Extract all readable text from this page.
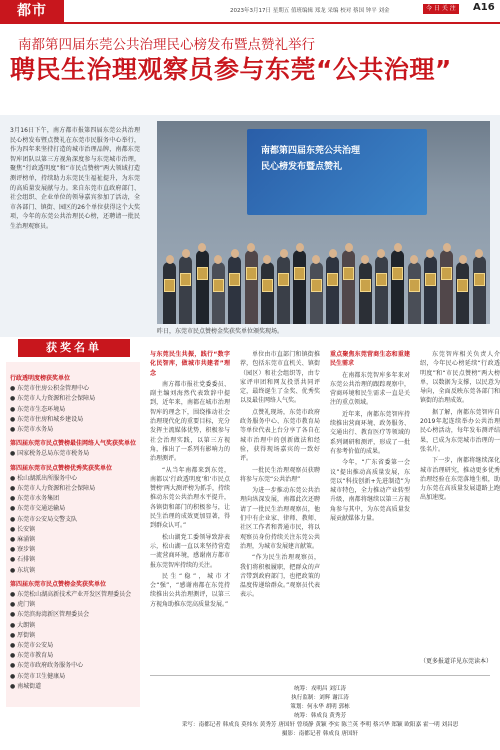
都市	2023年3月17日 星期五 值班编辑 郑龙 采编 校对 蔡国 钟平 刘金	今 日 关 注	A16
南都第四届东莞公共治理民心榜发布暨点赞礼举行
聘民生治理观察员参与东莞“公共治理”
3月16日下午，南方都市报第四届东莞公共治理民心榜发布暨点赞礼在东莞市民服务中心举行，作为四年来坚持打造的城市治理品牌，南都东莞智库团队以第三方视角深度参与东莞城市治理，聚焦“行政透明度”和“市民点赞榜”两大领域打造测评榜单，持续助力东莞民生福祉提升，为东莞的高质量发展献与力。来自东莞市直政府部门、社会组织、企业单位的领导嘉宾参加了活动，全市各部门、镇街、园区的26个单位获得这个大奖项，今年的东莞公共治理民心榜，还聘请一批民生治理观察员。
南都第四届东莞公共治理
民心榜发布暨点赞礼
昨日，东莞市民点赞榜金奖获奖单位颁奖现场。
获奖名单
行政透明度榜获奖单位
● 东莞市住房公积金管理中心
● 东莞市人力资源和社会保障局
● 东莞市生态环境局
● 东莞市住房和城乡建设局
● 东莞市水务局
第四届东莞市民点赞榜最佳网络人气奖获奖单位
● 国家税务总局东莞市税务局
第四届东莞市民点赞榜优秀奖获奖单位
● 松山湖派出所服务中心
● 东莞市人力资源和社会保障局
● 东莞市水务集团
● 东莞市交通运输局
● 东莞市公安局交警支队
● 长安镇
● 麻涌镇
● 寮步镇
● 石排镇
● 东坑镇
第四届东莞市民点赞榜金奖获奖单位
● 东莞松山湖高新技术产业开发区管理委员会
● 虎门镇
● 东莞滨海湾新区管理委员会
● 大朗镇
● 厚街镇
● 东莞市公安局
● 东莞市教育局
● 东莞市政府政务服务中心
● 东莞市卫生健康局
● 南城街道
与东莞民生共振，践行“数字化民智库，做城市共建者”理念

南方都市报社党委委员、副主编刘海然代表致辞中提到，近年来，南都在城市治理智库的理念下，围绕推动社会治理现代化的重要目标，充分发挥主流媒体优势，积极参与社会治理实践，以第三方视角，推出了一系列有影响力的治理测评。

“从当年南都来到东莞，南都以‘行政透明度’和‘市民点赞榜’两大测评榜为抓手，持续推动东莞公共治理水平提升，各镇街和部门的积极参与，让民生治理的成效更加显著，得到群众认可。”

松山湖党工委领导致辞表示，松山湖一直以来坚持营造一流营商环境，感谢南方都市报东莞智库持续的关注。

民生“稳”，城市才会“强”，“感谢南都在东莞持续推出公共治理测评，以第三方视角助推东莞高质量发展。”

单位由市直部门和镇街推荐，包括东莞市直机关、镇街（园区）和社会组织等，由专家评审团和网友投票共同评定，最终诞生了金奖、优秀奖以及最佳网络人气奖。

点赞礼现场，东莞市政府政务服务中心、东莞市教育局等单位代表上台分享了各自在城市治理中的创新做法和经验，获得现场嘉宾的一致好评。

一批民生治理观察员获聘将参与东莞“公共治理”

为进一步推动东莞公共治理向纵深发展，南都此次还聘请了一批民生治理观察员，他们中有企业家、律师、教师、社区工作者和普通市民，将以观察员身份持续关注东莞公共治理，为城市发展建言献策。

“作为民生治理观察员，我们将积极履职，把群众的声音带到政府部门，也把政策的温度传递给群众。”观察员代表表示。

重点聚焦东莞营商生态和重建民生需求

在南都东莞智库多年来对东莞公共治理的跟踪观察中，营商环境和民生需求一直是关注的重点领域。

近年来，南都东莞智库持续推出营商环境、政务服务、交通出行、教育医疗等领域的系列调研和测评，形成了一批有参考价值的成果。

今年，“广东省委第一会议”提出推动高质量发展，东莞以“科技创新+先进制造”为城市特色，全力推动产业转型升级，南都将继续以第三方视角参与其中，为东莞高质量发展贡献媒体力量。

东莞智库相关负责人介绍，今年民心榜延续“行政透明度”和“市民点赞榜”两大榜单，以数据为支撑，以民意为导向，全面反映东莞各部门和镇街的治理成效。

据了解，南都东莞智库自2019年起连续举办公共治理民心榜活动，每年发布测评结果，已成为东莞城市治理的一张名片。

下一步，南都将继续深化城市治理研究，推动更多优秀治理经验在东莞落地生根，助力东莞在高质量发展道路上跑出加速度。

（更多报道详见东莞读本）
统筹：戎明昌 刘江涛
执行监制：刘辉 谢江涛
策划：何永华 胡明 郭栋
统筹：韩成良 黄秀芳
采写：南都记者 韩成良 莫炜东 黄秀芳 唐国轩 曾琰静 黄颖 李实 陈兰英 李明 蔡兴华 郑颖 欧阳嘉 霍一明 刘昌思
摄影：南都记者 韩成良 唐国轩
